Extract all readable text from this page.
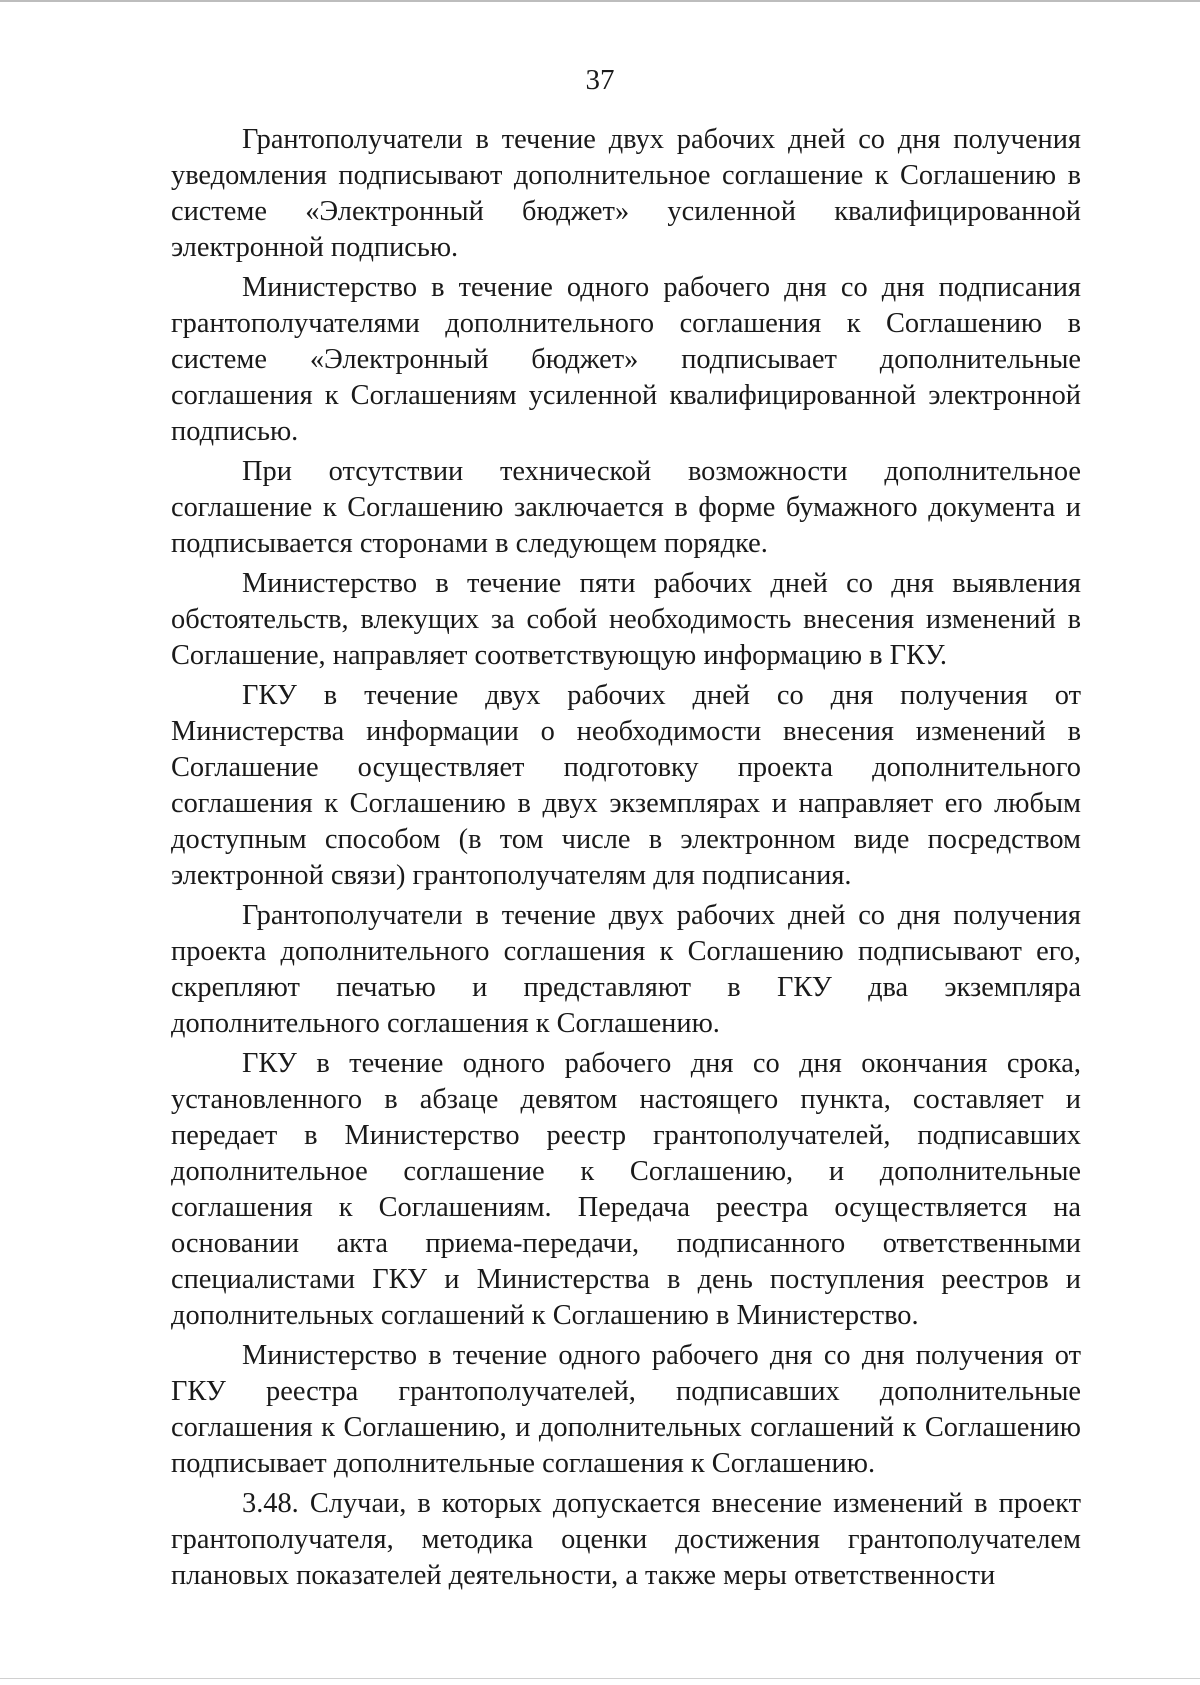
37

Грантополучатели в течение двух рабочих дней со дня получения уведомления подписывают дополнительное соглашение к Соглашению в системе «Электронный бюджет» усиленной квалифицированной электронной подписью.

Министерство в течение одного рабочего дня со дня подписания грантополучателями дополнительного соглашения к Соглашению в системе «Электронный бюджет» подписывает дополнительные соглашения к Соглашениям усиленной квалифицированной электронной подписью.

При отсутствии технической возможности дополнительное соглашение к Соглашению заключается в форме бумажного документа и подписывается сторонами в следующем порядке.

Министерство в течение пяти рабочих дней со дня выявления обстоятельств, влекущих за собой необходимость внесения изменений в Соглашение, направляет соответствующую информацию в ГКУ.

ГКУ в течение двух рабочих дней со дня получения от Министерства информации о необходимости внесения изменений в Соглашение осуществляет подготовку проекта дополнительного соглашения к Соглашению в двух экземплярах и направляет его любым доступным способом (в том числе в электронном виде посредством электронной связи) грантополучателям для подписания.

Грантополучатели в течение двух рабочих дней со дня получения проекта дополнительного соглашения к Соглашению подписывают его, скрепляют печатью и представляют в ГКУ два экземпляра дополнительного соглашения к Соглашению.

ГКУ в течение одного рабочего дня со дня окончания срока, установленного в абзаце девятом настоящего пункта, составляет и передает в Министерство реестр грантополучателей, подписавших дополнительное соглашение к Соглашению, и дополнительные соглашения к Соглашениям. Передача реестра осуществляется на основании акта приема-передачи, подписанного ответственными специалистами ГКУ и Министерства в день поступления реестров и дополнительных соглашений к Соглашению в Министерство.

Министерство в течение одного рабочего дня со дня получения от ГКУ реестра грантополучателей, подписавших дополнительные соглашения к Соглашению, и дополнительных соглашений к Соглашению подписывает дополнительные соглашения к Соглашению.

3.48. Случаи, в которых допускается внесение изменений в проект грантополучателя, методика оценки достижения грантополучателем плановых показателей деятельности, а также меры ответственности
